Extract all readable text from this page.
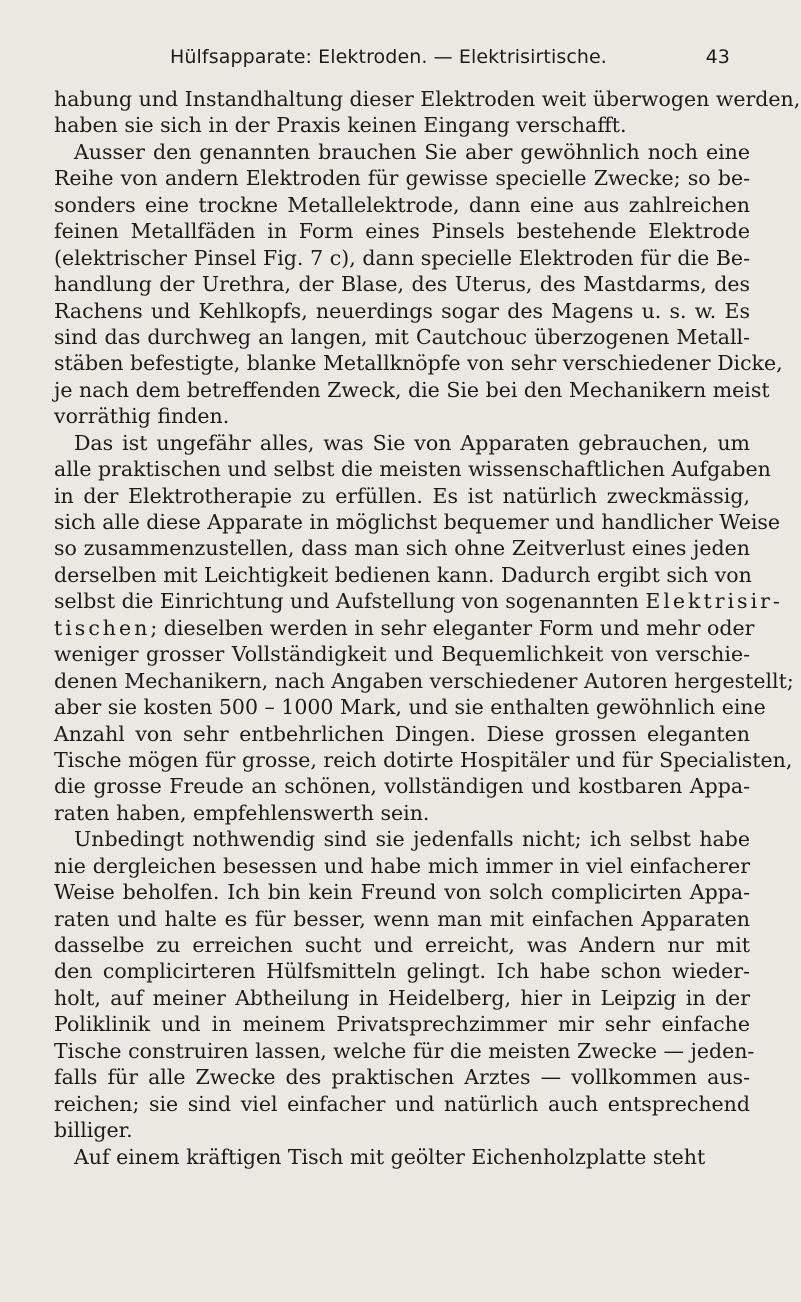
Hülfsapparate: Elektroden. — Elektrisirtische.	43
habung und Instandhaltung dieser Elektroden weit überwogen werden,
haben sie sich in der Praxis keinen Eingang verschafft.
Ausser den genannten brauchen Sie aber gewöhnlich noch eine
Reihe von andern Elektroden für gewisse specielle Zwecke; so be-
sonders eine trockne Metallelektrode, dann eine aus zahlreichen
feinen Metallfäden in Form eines Pinsels bestehende Elektrode
(elektrischer Pinsel Fig. 7 c), dann specielle Elektroden für die Be-
handlung der Urethra, der Blase, des Uterus, des Mastdarms, des
Rachens und Kehlkopfs, neuerdings sogar des Magens u. s. w. Es
sind das durchweg an langen, mit Cautchouc überzogenen Metall-
stäben befestigte, blanke Metallknöpfe von sehr verschiedener Dicke,
je nach dem betreffenden Zweck, die Sie bei den Mechanikern meist
vorräthig finden.
Das ist ungefähr alles, was Sie von Apparaten gebrauchen, um
alle praktischen und selbst die meisten wissenschaftlichen Aufgaben
in der Elektrotherapie zu erfüllen. Es ist natürlich zweckmässig,
sich alle diese Apparate in möglichst bequemer und handlicher Weise
so zusammenzustellen, dass man sich ohne Zeitverlust eines jeden
derselben mit Leichtigkeit bedienen kann. Dadurch ergibt sich von
selbst die Einrichtung und Aufstellung von sogenannten Elektrisir-
tischen; dieselben werden in sehr eleganter Form und mehr oder
weniger grosser Vollständigkeit und Bequemlichkeit von verschie-
denen Mechanikern, nach Angaben verschiedener Autoren hergestellt;
aber sie kosten 500 – 1000 Mark, und sie enthalten gewöhnlich eine
Anzahl von sehr entbehrlichen Dingen. Diese grossen eleganten
Tische mögen für grosse, reich dotirte Hospitäler und für Specialisten,
die grosse Freude an schönen, vollständigen und kostbaren Appa-
raten haben, empfehlenswerth sein.
Unbedingt nothwendig sind sie jedenfalls nicht; ich selbst habe
nie dergleichen besessen und habe mich immer in viel einfacherer
Weise beholfen. Ich bin kein Freund von solch complicirten Appa-
raten und halte es für besser, wenn man mit einfachen Apparaten
dasselbe zu erreichen sucht und erreicht, was Andern nur mit
den complicirteren Hülfsmitteln gelingt. Ich habe schon wieder-
holt, auf meiner Abtheilung in Heidelberg, hier in Leipzig in der
Poliklinik und in meinem Privatsprechzimmer mir sehr einfache
Tische construiren lassen, welche für die meisten Zwecke — jeden-
falls für alle Zwecke des praktischen Arztes — vollkommen aus-
reichen; sie sind viel einfacher und natürlich auch entsprechend
billiger.
Auf einem kräftigen Tisch mit geölter Eichenholzplatte steht
